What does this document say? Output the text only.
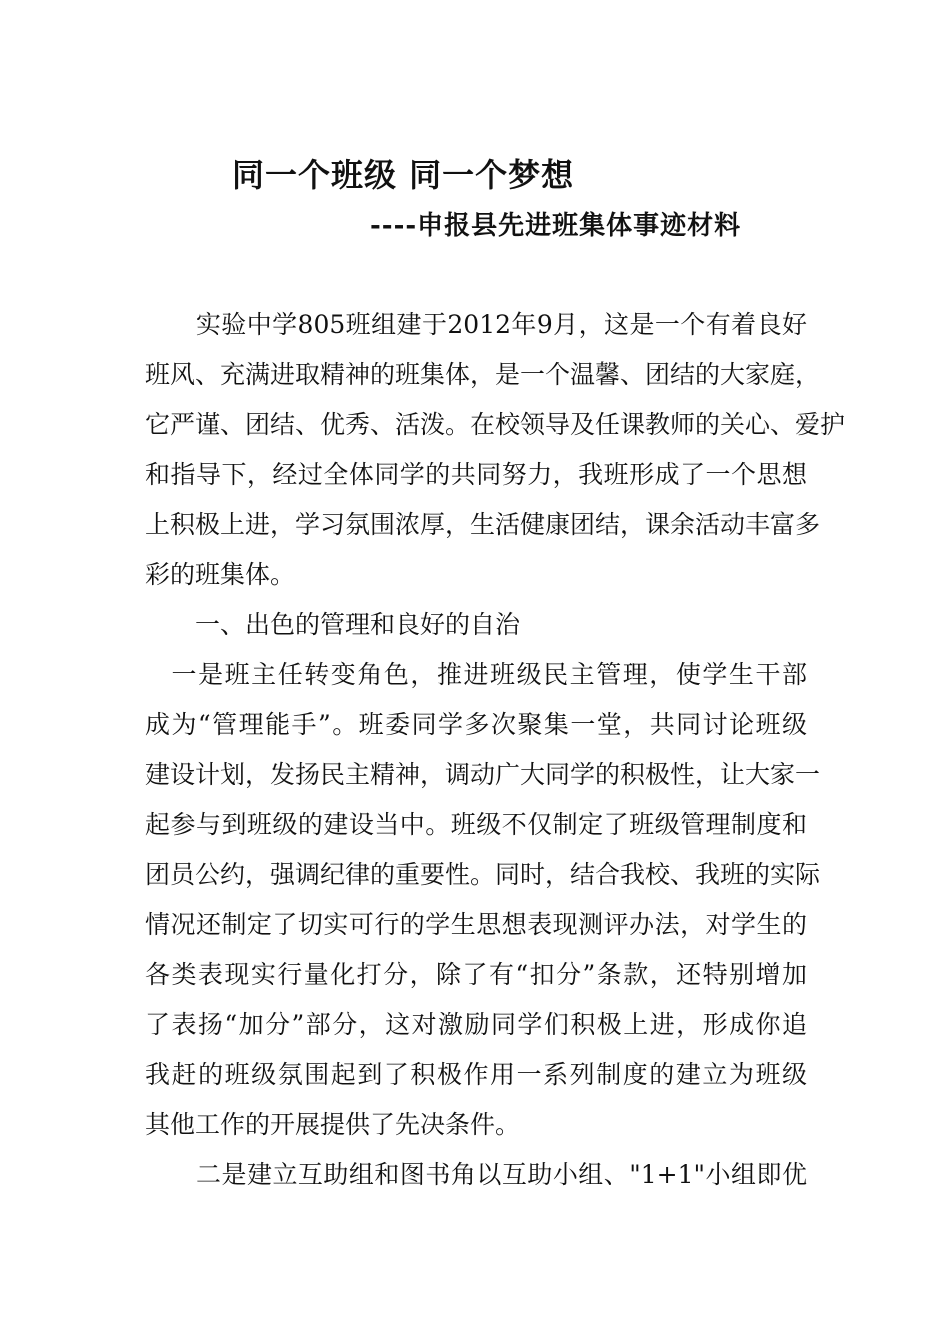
同一个班级 同一个梦想
----申报县先进班集体事迹材料
　　实验中学805班组建于2012年9月，这是一个有着良好
班风、充满进取精神的班集体，是一个温馨、团结的大家庭，
它严谨、团结、优秀、活泼。在校领导及任课教师的关心、爱护
和指导下，经过全体同学的共同努力，我班形成了一个思想
上积极上进，学习氛围浓厚，生活健康团结，课余活动丰富多
彩的班集体。
　　一、出色的管理和良好的自治
　一是班主任转变角色，推进班级民主管理，使学生干部
成为“管理能手”。班委同学多次聚集一堂，共同讨论班级
建设计划，发扬民主精神，调动广大同学的积极性，让大家一
起参与到班级的建设当中。班级不仅制定了班级管理制度和
团员公约，强调纪律的重要性。同时，结合我校、我班的实际
情况还制定了切实可行的学生思想表现测评办法，对学生的
各类表现实行量化打分，除了有“扣分”条款，还特别增加
了表扬“加分”部分，这对激励同学们积极上进，形成你追
我赶的班级氛围起到了积极作用一系列制度的建立为班级
其他工作的开展提供了先决条件。
　　二是建立互助组和图书角以互助小组、"1+1"小组即优
